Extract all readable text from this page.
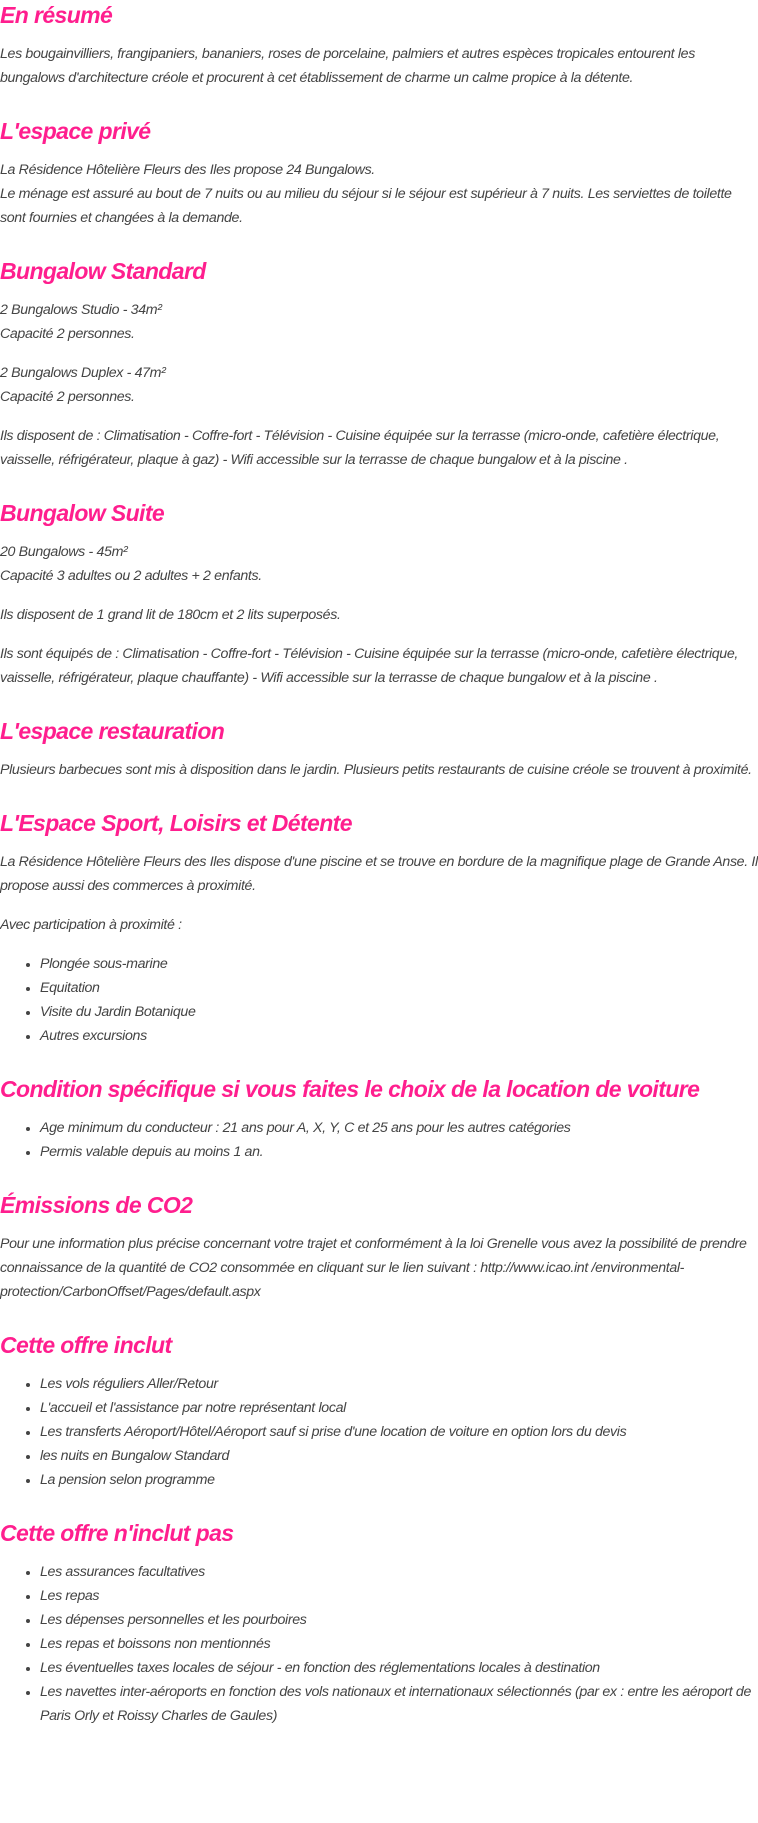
En résumé

Les bougainvilliers, frangipaniers, bananiers, roses de porcelaine, palmiers et autres espèces tropicales entourent les bungalows d'architecture créole et procurent à cet établissement de charme un calme propice à la détente.

L'espace privé

La Résidence Hôtelière Fleurs des Iles propose 24 Bungalows.
Le ménage est assuré au bout de 7 nuits ou au milieu du séjour si le séjour est supérieur à 7 nuits. Les serviettes de toilette sont fournies et changées à la demande.

Bungalow Standard

2 Bungalows Studio - 34m²
Capacité 2 personnes.

2 Bungalows Duplex - 47m²
Capacité 2 personnes.

Ils disposent de : Climatisation - Coffre-fort - Télévision - Cuisine équipée sur la terrasse (micro-onde, cafetière électrique, vaisselle, réfrigérateur, plaque à gaz) - Wifi accessible sur la terrasse de chaque bungalow et à la piscine .

Bungalow Suite

20 Bungalows - 45m²
Capacité 3 adultes ou 2 adultes + 2 enfants.

Ils disposent de 1 grand lit de 180cm et 2 lits superposés.

Ils sont équipés de : Climatisation - Coffre-fort - Télévision - Cuisine équipée sur la terrasse (micro-onde, cafetière électrique, vaisselle, réfrigérateur, plaque chauffante) - Wifi accessible sur la terrasse de chaque bungalow et à la piscine .

L'espace restauration

Plusieurs barbecues sont mis à disposition dans le jardin. Plusieurs petits restaurants de cuisine créole se trouvent à proximité.

L'Espace Sport, Loisirs et Détente

La Résidence Hôtelière Fleurs des Iles dispose d'une piscine et se trouve en bordure de la magnifique plage de Grande Anse. Il propose aussi des commerces à proximité.

Avec participation à proximité :

• Plongée sous-marine
• Equitation
• Visite du Jardin Botanique
• Autres excursions
Condition spécifique si vous faites le choix de la location de voiture
• Age minimum du conducteur : 21 ans pour A, X, Y, C et 25 ans pour les autres catégories
• Permis valable depuis au moins 1 an.
Émissions de CO2

Pour une information plus précise concernant votre trajet et conformément à la loi Grenelle vous avez la possibilité de prendre connaissance de la quantité de CO2 consommée en cliquant sur le lien suivant : http://www.icao.int /environmental-protection/CarbonOffset/Pages/default.aspx

Cette offre inclut
• Les vols réguliers Aller/Retour
• L'accueil et l'assistance par notre représentant local
• Les transferts Aéroport/Hôtel/Aéroport sauf si prise d'une location de voiture en option lors du devis
• les nuits en Bungalow Standard
• La pension selon programme
Cette offre n'inclut pas
• Les assurances facultatives
• Les repas
• Les dépenses personnelles et les pourboires
• Les repas et boissons non mentionnés
• Les éventuelles taxes locales de séjour - en fonction des réglementations locales à destination
• Les navettes inter-aéroports en fonction des vols nationaux et internationaux sélectionnés (par ex : entre les aéroport de Paris Orly et Roissy Charles de Gaules)
